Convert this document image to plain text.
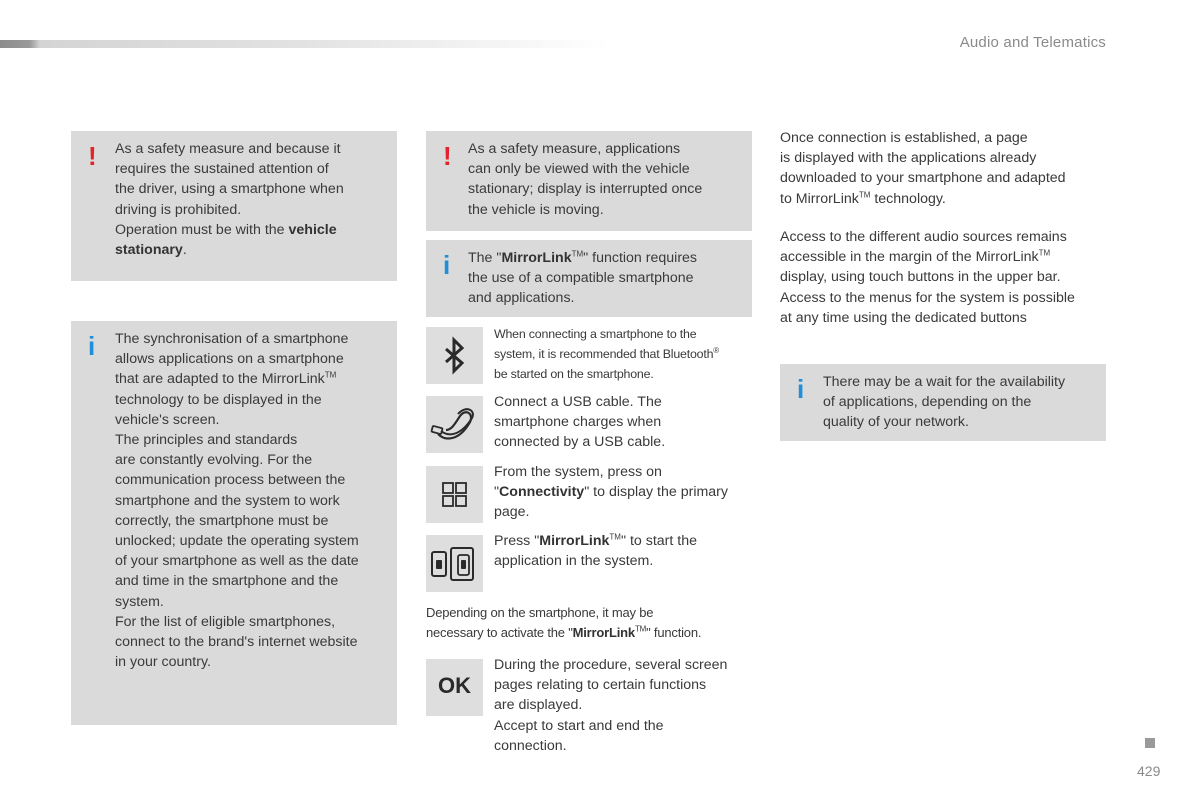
Audio and Telematics
! As a safety measure and because it

requires the sustained attention of

the driver, using a smartphone when

driving is prohibited.

Operation must be with the vehicle

stationary.

i The synchronisation of a smartphone

allows applications on a smartphone

that are adapted to the MirrorLink™

technology to be displayed in the

vehicle's screen.

The principles and standards

are constantly evolving. For the

communication process between the

smartphone and the system to work

correctly, the smartphone must be

unlocked; update the operating system

of your smartphone as well as the date

and time in the smartphone and the

system.

For the list of eligible smartphones,

connect to the brand's internet website

in your country.

! As a safety measure, applications

can only be viewed with the vehicle

stationary; display is interrupted once

the vehicle is moving.

i The "MirrorLink™" function requires

the use of a compatible smartphone

and applications.

When connecting a smartphone to the

system, it is recommended that Bluetooth®

be started on the smartphone.

Connect a USB cable. The

smartphone charges when

connected by a USB cable.

From the system, press on

"Connectivity" to display the primary

page.

Press "MirrorLink™" to start the

application in the system.

Depending on the smartphone, it may be

necessary to activate the "MirrorLink™" function.

OK

During the procedure, several screen

pages relating to certain functions

are displayed.

Accept to start and end the

connection.

Once connection is established, a page

is displayed with the applications already

downloaded to your smartphone and adapted

to MirrorLink™ technology.

Access to the different audio sources remains

accessible in the margin of the MirrorLink™

display, using touch buttons in the upper bar.

Access to the menus for the system is possible

at any time using the dedicated buttons

i There may be a wait for the availability

of applications, depending on the

quality of your network.

429
